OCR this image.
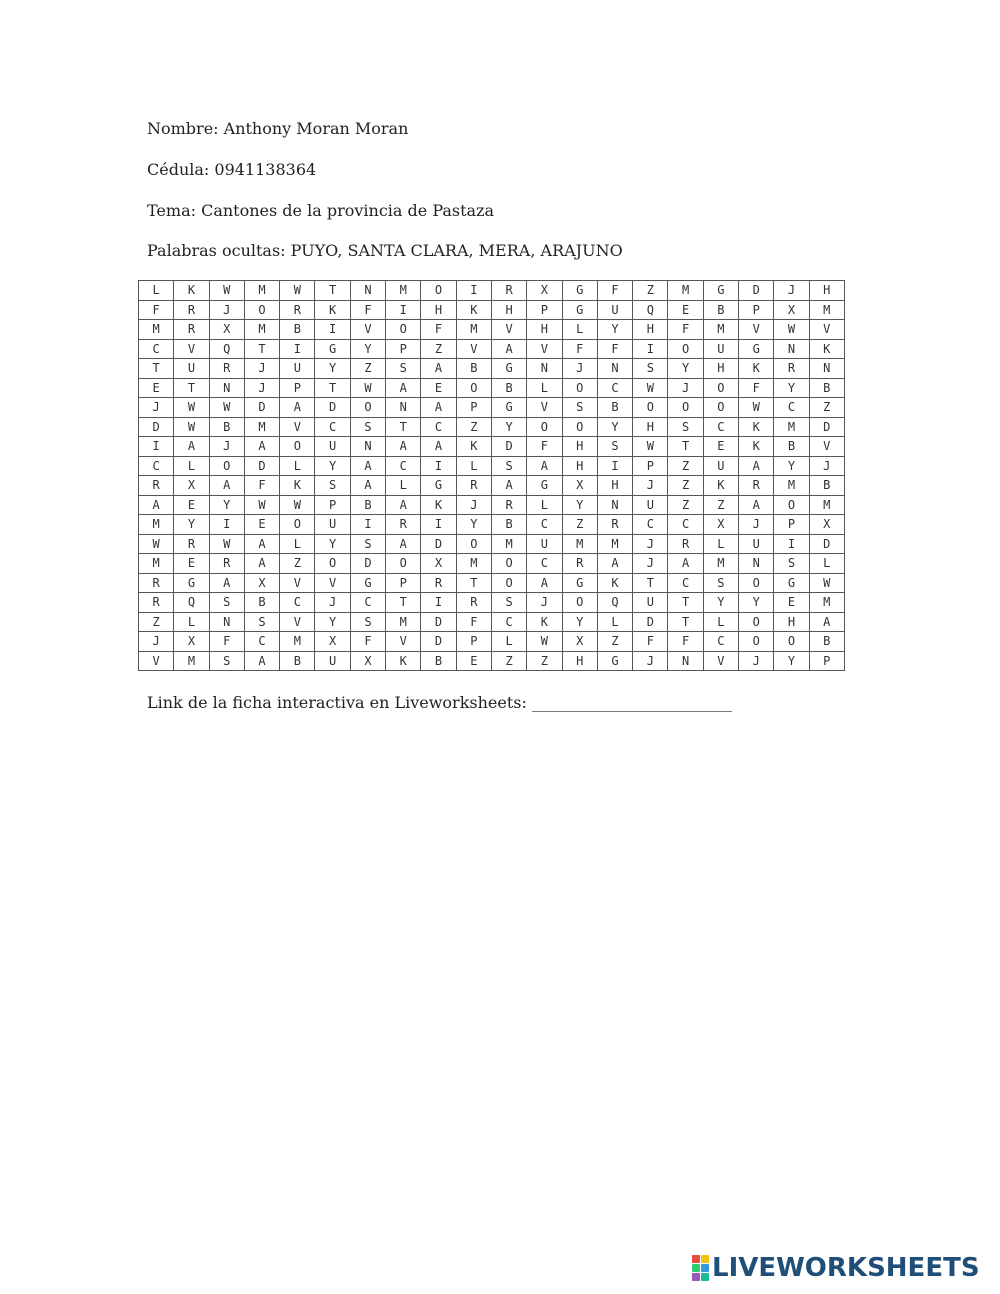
Nombre: Anthony Moran Moran
Cédula: 0941138364
Tema: Cantones de la provincia de Pastaza
Palabras ocultas: PUYO, SANTA CLARA, MERA, ARAJUNO
L	K	W	M	W	T	N	M	O	I	R	X	G	F	Z	M	G	D	J	H
F	R	J	O	R	K	F	I	H	K	H	P	G	U	Q	E	B	P	X	M
M	R	X	M	B	I	V	O	F	M	V	H	L	Y	H	F	M	V	W	V
C	V	Q	T	I	G	Y	P	Z	V	A	V	F	F	I	O	U	G	N	K
T	U	R	J	U	Y	Z	S	A	B	G	N	J	N	S	Y	H	K	R	N
E	T	N	J	P	T	W	A	E	O	B	L	O	C	W	J	O	F	Y	B
J	W	W	D	A	D	O	N	A	P	G	V	S	B	O	O	O	W	C	Z
D	W	B	M	V	C	S	T	C	Z	Y	O	O	Y	H	S	C	K	M	D
I	A	J	A	O	U	N	A	A	K	D	F	H	S	W	T	E	K	B	V
C	L	O	D	L	Y	A	C	I	L	S	A	H	I	P	Z	U	A	Y	J
R	X	A	F	K	S	A	L	G	R	A	G	X	H	J	Z	K	R	M	B
A	E	Y	W	W	P	B	A	K	J	R	L	Y	N	U	Z	Z	A	O	M
M	Y	I	E	O	U	I	R	I	Y	B	C	Z	R	C	C	X	J	P	X
W	R	W	A	L	Y	S	A	D	O	M	U	M	M	J	R	L	U	I	D
M	E	R	A	Z	O	D	O	X	M	O	C	R	A	J	A	M	N	S	L
R	G	A	X	V	V	G	P	R	T	O	A	G	K	T	C	S	O	G	W
R	Q	S	B	C	J	C	T	I	R	S	J	O	Q	U	T	Y	Y	E	M
Z	L	N	S	V	Y	S	M	D	F	C	K	Y	L	D	T	L	O	H	A
J	X	F	C	M	X	F	V	D	P	L	W	X	Z	F	F	C	O	O	B
V	M	S	A	B	U	X	K	B	E	Z	Z	H	G	J	N	V	J	Y	P
Link de la ficha interactiva en Liveworksheets: _________________________
LIVEWORKSHEETS
